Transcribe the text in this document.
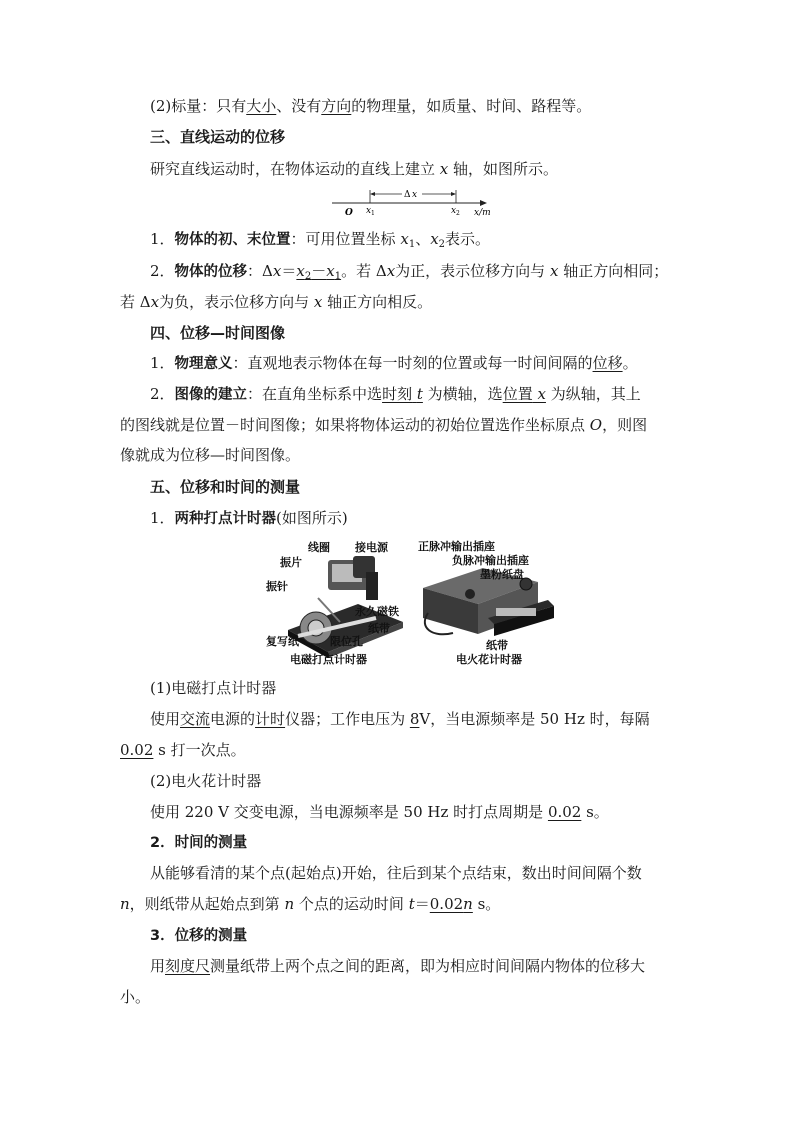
(2)标量：只有大小、没有方向的物理量，如质量、时间、路程等。
三、直线运动的位移
研究直线运动时，在物体运动的直线上建立 x 轴，如图所示。
Δ x
O x 1	x 2 x/m
1．物体的初、末位置：可用位置坐标 $x_1$、$x_2$表示。
2．物体的位移：$\Delta x=x_2-x_1$。若 Δx为正，表示位移方向与 x 轴正方向相同；
若 Δx为负，表示位移方向与 x 轴正方向相反。
四、位移—时间图像
1．物理意义：直观地表示物体在每一时刻的位置或每一时间间隔的位移。
2．图像的建立：在直角坐标系中选时刻 t 为横轴，选位置 x 为纵轴，其上
的图线就是位置－时间图像；如果将物体运动的初始位置选作坐标原点 O，则图
像就成为位移—时间图像。
五、位移和时间的测量
1．两种打点计时器(如图所示)
线圈 接电源
振片
振针
永久磁铁
纸带
复写纸	限位孔
电磁打点计时器
正脉冲输出插座
负脉冲输出插座
墨粉纸盘
纸带
电火花计时器
(1)电磁打点计时器
使用交流电源的计时仪器；工作电压为 8V，当电源频率是 50 Hz 时，每隔
0.02 s 打一次点。
(2)电火花计时器
使用 220 V 交变电源，当电源频率是 50 Hz 时打点周期是 0.02 s。
2．时间的测量
从能够看清的某个点(起始点)开始，往后到某个点结束，数出时间间隔个数
n，则纸带从起始点到第 n 个点的运动时间 t＝0.02n s。
3．位移的测量
用刻度尺测量纸带上两个点之间的距离，即为相应时间间隔内物体的位移大
小。
